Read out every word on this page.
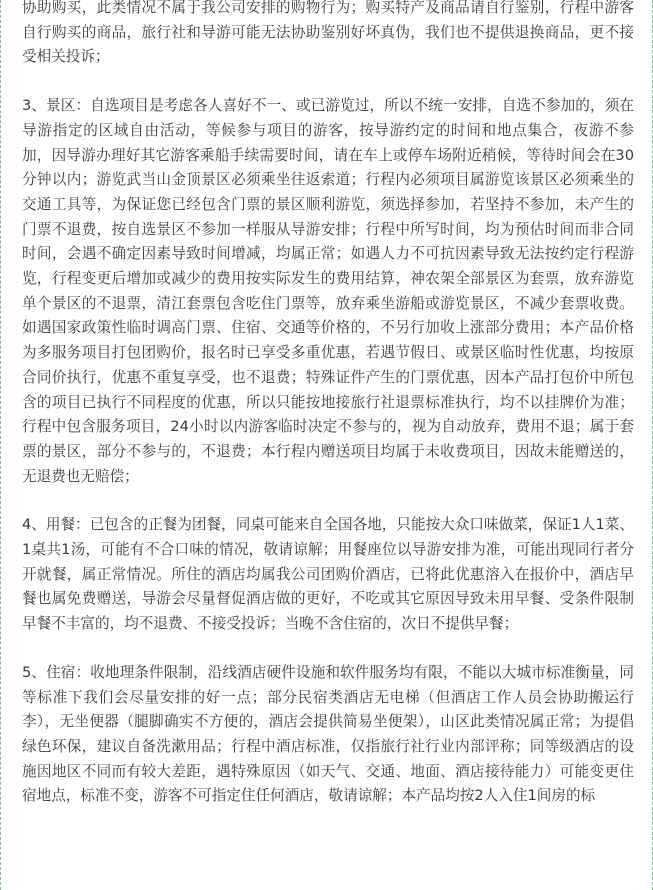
协助购买，此类情况不属于我公司安排的购物行为；购买特产及商品请自行鉴别，行程中游客自行购买的商品，旅行社和导游可能无法协助鉴别好坏真伪，我们也不提供退换商品，更不接受相关投诉；

3、景区：自选项目是考虑各人喜好不一、或已游览过，所以不统一安排，自选不参加的，须在导游指定的区域自由活动，等候参与项目的游客，按导游约定的时间和地点集合，夜游不参加，因导游办理好其它游客乘船手续需要时间，请在车上或停车场附近稍候，等待时间会在30分钟以内；游览武当山金顶景区必须乘坐往返索道；行程内必须项目属游览该景区必须乘坐的交通工具等，为保证您已经包含门票的景区顺利游览，须选择参加，若坚持不参加，未产生的门票不退费，按自选景区不参加一样服从导游安排；行程中所写时间，均为预估时间而非合同时间，会遇不确定因素导致时间增减，均属正常；如遇人力不可抗因素导致无法按约定行程游览，行程变更后增加或减少的费用按实际发生的费用结算，神农架全部景区为套票，放弃游览单个景区的不退票，清江套票包含吃住门票等，放弃乘坐游船或游览景区，不减少套票收费。如遇国家政策性临时调高门票、住宿、交通等价格的，不另行加收上涨部分费用；本产品价格为多服务项目打包团购价，报名时已享受多重优惠，若遇节假日、或景区临时性优惠，均按原合同价执行，优惠不重复享受，也不退费；特殊证件产生的门票优惠，因本产品打包价中所包含的项目已执行不同程度的优惠，所以只能按地接旅行社退票标准执行，均不以挂牌价为准；行程中包含服务项目，24小时以内游客临时决定不参与的，视为自动放弃，费用不退；属于套票的景区，部分不参与的，不退费；本行程内赠送项目均属于未收费项目，因故未能赠送的，无退费也无赔偿；

4、用餐：已包含的正餐为团餐，同桌可能来自全国各地，只能按大众口味做菜，保证1人1菜、1桌共1汤，可能有不合口味的情况，敬请谅解；用餐座位以导游安排为准，可能出现同行者分开就餐，属正常情况。所住的酒店均属我公司团购价酒店，已将此优惠溶入在报价中，酒店早餐也属免费赠送，导游会尽量督促酒店做的更好，不吃或其它原因导致未用早餐、受条件限制早餐不丰富的，均不退费、不接受投诉；当晚不含住宿的，次日不提供早餐；

5、住宿：收地理条件限制，沿线酒店硬件设施和软件服务均有限，不能以大城市标准衡量，同等标准下我们会尽量安排的好一点；部分民宿类酒店无电梯（但酒店工作人员会协助搬运行李），无坐便器（腿脚确实不方便的，酒店会提供简易坐便架），山区此类情况属正常；为提倡绿色环保，建议自备洗漱用品；行程中酒店标准，仅指旅行社行业内部评称；同等级酒店的设施因地区不同而有较大差距，遇特殊原因（如天气、交通、地面、酒店接待能力）可能变更住宿地点，标准不变，游客不可指定住任何酒店，敬请谅解；本产品均按2人入住1间房的标
